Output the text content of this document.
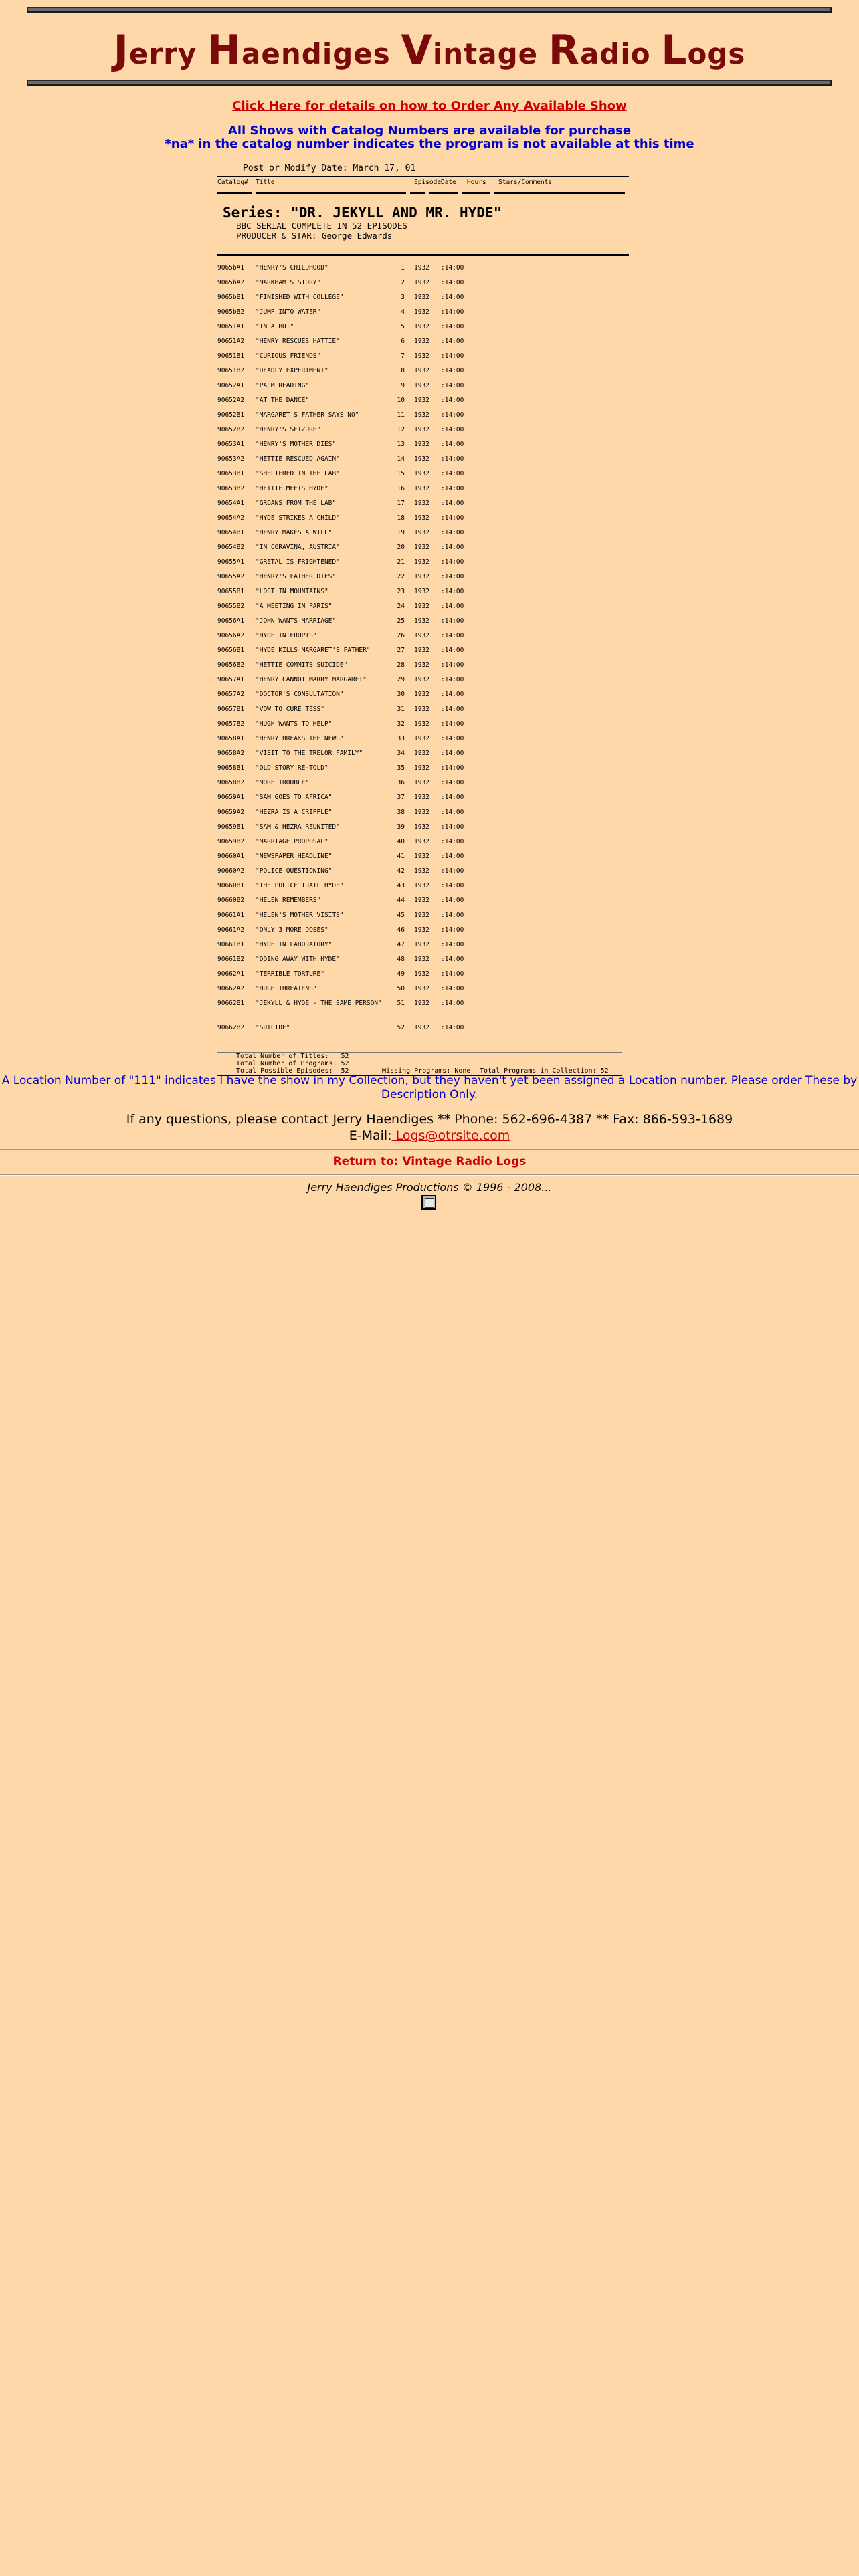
Jerry Haendiges Vintage Radio Logs
Click Here for details on how to Order Any Available Show
All Shows with Catalog Numbers are available for purchase
*na* in the catalog number indicates the program is not available at this time
Post or Modify Date: March 17, 01
Catalog#	Title	Episode Date	Hours	Stars/Comments
Series: "DR. JEKYLL AND MR. HYDE"
BBC SERIAL COMPLETE IN 52 EPISODES
PRODUCER & STAR: George Edwards
9065bA1	"HENRY'S CHILDHOOD"	1	1932	:14:00
9065bA2	"MARKHAM'S STORY"	2	1932	:14:00
9065bB1	"FINISHED WITH COLLEGE"	3	1932	:14:00
9065bB2	"JUMP INTO WATER"	4	1932	:14:00
90651A1	"IN A HUT"	5	1932	:14:00
90651A2	"HENRY RESCUES HATTIE"	6	1932	:14:00
90651B1	"CURIOUS FRIENDS"	7	1932	:14:00
90651B2	"DEADLY EXPERIMENT"	8	1932	:14:00
90652A1	"PALM READING"	9	1932	:14:00
90652A2	"AT THE DANCE"	10	1932	:14:00
90652B1	"MARGARET'S FATHER SAYS NO"	11	1932	:14:00
90652B2	"HENRY'S SEIZURE"	12	1932	:14:00
90653A1	"HENRY'S MOTHER DIES"	13	1932	:14:00
90653A2	"HETTIE RESCUED AGAIN"	14	1932	:14:00
90653B1	"SHELTERED IN THE LAB"	15	1932	:14:00
90653B2	"HETTIE MEETS HYDE"	16	1932	:14:00
90654A1	"GROANS FROM THE LAB"	17	1932	:14:00
90654A2	"HYDE STRIKES A CHILD"	18	1932	:14:00
90654B1	"HENRY MAKES A WILL"	19	1932	:14:00
90654B2	"IN CORAVINA, AUSTRIA"	20	1932	:14:00
90655A1	"GRETAL IS FRIGHTENED"	21	1932	:14:00
90655A2	"HENRY'S FATHER DIES"	22	1932	:14:00
90655B1	"LOST IN MOUNTAINS"	23	1932	:14:00
90655B2	"A MEETING IN PARIS"	24	1932	:14:00
90656A1	"JOHN WANTS MARRIAGE"	25	1932	:14:00
90656A2	"HYDE INTERUPTS"	26	1932	:14:00
90656B1	"HYDE KILLS MARGARET'S FATHER"	27	1932	:14:00
90656B2	"HETTIE COMMITS SUICIDE"	28	1932	:14:00
90657A1	"HENRY CANNOT MARRY MARGARET"	29	1932	:14:00
90657A2	"DOCTOR'S CONSULTATION"	30	1932	:14:00
90657B1	"VOW TO CURE TESS"	31	1932	:14:00
90657B2	"HUGH WANTS TO HELP"	32	1932	:14:00
90658A1	"HENRY BREAKS THE NEWS"	33	1932	:14:00
90658A2	"VISIT TO THE TRELOR FAMILY"	34	1932	:14:00
90658B1	"OLD STORY RE-TOLD"	35	1932	:14:00
90658B2	"MORE TROUBLE"	36	1932	:14:00
90659A1	"SAM GOES TO AFRICA"	37	1932	:14:00
90659A2	"HEZRA IS A CRIPPLE"	38	1932	:14:00
90659B1	"SAM & HEZRA REUNITED"	39	1932	:14:00
90659B2	"MARRIAGE PROPOSAL"	40	1932	:14:00
90660A1	"NEWSPAPER HEADLINE"	41	1932	:14:00
90660A2	"POLICE QUESTIONING"	42	1932	:14:00
90660B1	"THE POLICE TRAIL HYDE"	43	1932	:14:00
90660B2	"HELEN REMEMBERS"	44	1932	:14:00
90661A1	"HELEN'S MOTHER VISITS"	45	1932	:14:00
90661A2	"ONLY 3 MORE DOSES"	46	1932	:14:00
90661B1	"HYDE IN LABORATORY"	47	1932	:14:00
90661B2	"DOING AWAY WITH HYDE"	48	1932	:14:00
90662A1	"TERRIBLE TORTURE"	49	1932	:14:00
90662A2	"HUGH THREATENS"	50	1932	:14:00
90662B1	"JEKYLL & HYDE - THE SAME PERSON"	51	1932	:14:00
90662B2	"SUICIDE"	52	1932	:14:00
Total Number of Titles:   52
Total Number of Programs: 52
Total Possible Episodes:  52	Missing Programs: None	Total Programs in Collection: 52
A Location Number of "111" indicates I have the show in my Collection, but they haven't yet been assigned a Location number. Please order These by Description Only.
If any questions, please contact Jerry Haendiges ** Phone: 562-696-4387 ** Fax: 866-593-1689
E-Mail: Logs@otrsite.com
Return to: Vintage Radio Logs
Jerry Haendiges Productions © 1996 - 2008...
